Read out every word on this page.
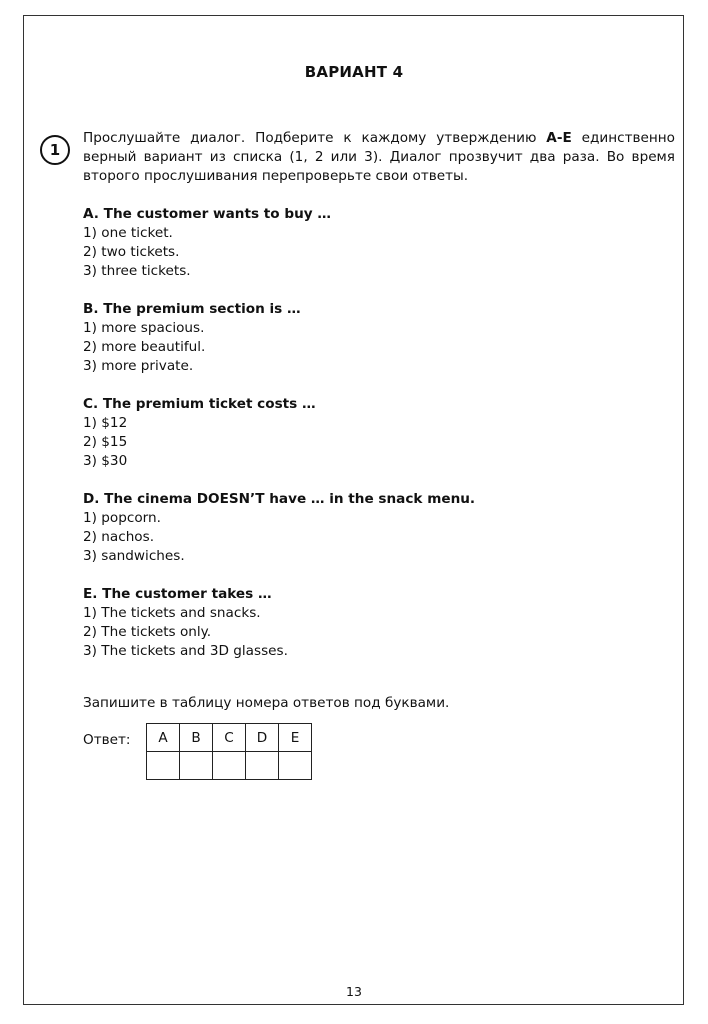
ВАРИАНТ 4
1
Прослушайте диалог. Подберите к каждому утверждению A-E единственно верный вариант из списка (1, 2 или 3). Диалог прозвучит два раза. Во время второго прослушивания перепроверьте свои ответы.
A. The customer wants to buy …
1) one ticket.
2) two tickets.
3) three tickets.
B. The premium section is …
1) more spacious.
2) more beautiful.
3) more private.
C. The premium ticket costs …
1) $12
2) $15
3) $30
D. The cinema DOESN’T have … in the snack menu.
1) popcorn.
2) nachos.
3) sandwiches.
E. The customer takes …
1) The tickets and snacks.
2) The tickets only.
3) The tickets and 3D glasses.
Запишите в таблицу номера ответов под буквами.
Ответ: A	B	C	D	E

13
